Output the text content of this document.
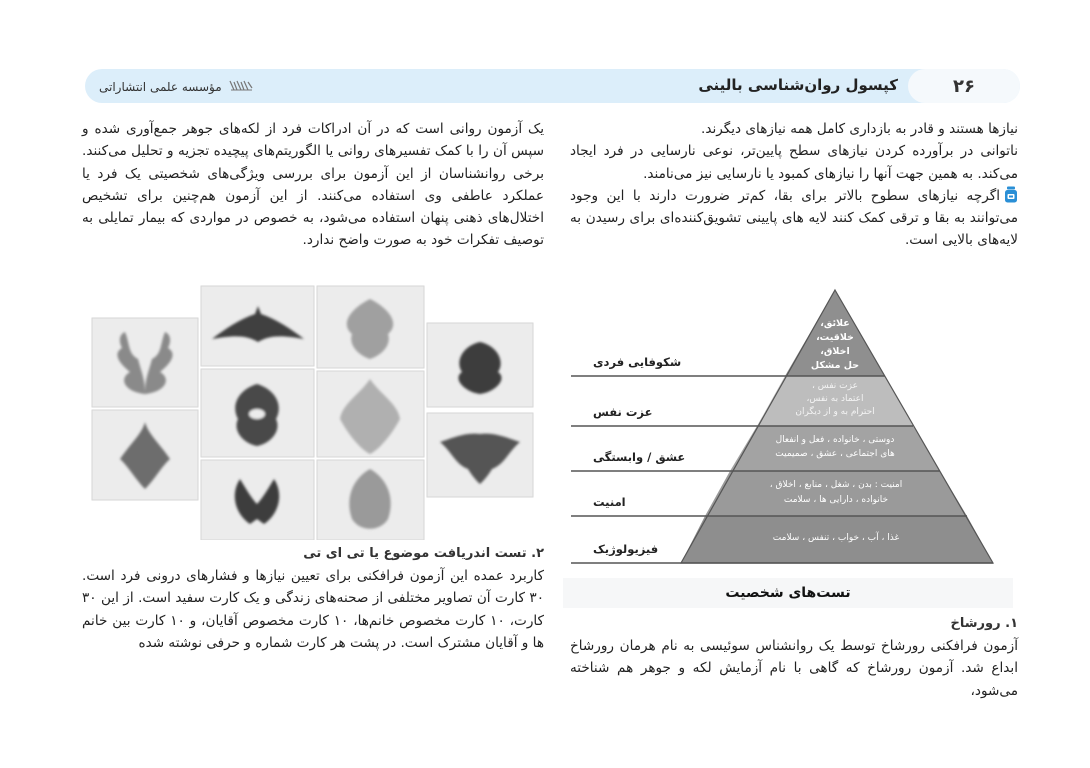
مؤسسه علمی انتشاراتی	کپسول روان‌شناسی بالینی	۲۶

نیازها هستند و قادر به بازداری کامل همه نیازهای دیگرند.

ناتوانی در برآورده کردن نیازهای سطح پایین‌تر، نوعی نارسایی در فرد ایجاد می‌کند. به همین جهت آنها را نیازهای کمبود یا نارسایی نیز می‌نامند.

اگرچه نیازهای سطوح بالاتر برای بقا، کم‌تر ضرورت دارند با این وجود می‌توانند به بقا و ترقی کمک کنند لایه های پایینی تشویق‌کننده‌ای برای رسیدن به لایه‌های بالایی است.

شکوفایی فردی
عزت نفس
عشق / وابستگی
امنیت
فیزیولوژیک
علائق،
خلاقیت،
اخلاق،
حل مشکل
عزت نفس ،
اعتماد به نفس،
احترام به و از دیگران
دوستی ، خانواده ، فعل و انفعال
های اجتماعی ، عشق ، صمیمیت
امنیت : بدن ، شغل ، منابع ، اخلاق ،
خانواده ، دارایی ها ، سلامت
غذا ، آب ، خواب ، تنفس ، سلامت
تست‌های شخصیت

۱. رورشاخ

آزمون فرافکنی رورشاخ توسط یک روانشناس سوئیسی به نام هرمان رورشاخ ابداع شد. آزمون رورشاخ که گاهی با نام آزمایش لکه و جوهر هم شناخته می‌شود،

یک آزمون روانی است که در آن ادراکات فرد از لکه‌های جوهر جمع‌آوری شده و سپس آن را با کمک تفسیرهای روانی یا الگوریتم‌های پیچیده تجزیه و تحلیل می‌کنند. برخی روانشناسان از این آزمون برای بررسی ویژگی‌های شخصیتی یک فرد یا عملکرد عاطفی وی استفاده می‌کنند. از این آزمون هم‌چنین برای تشخیص اختلال‌های ذهنی پنهان استفاده می‌شود، به خصوص در مواردی که بیمار تمایلی به توصیف تفکرات خود به صورت واضح ندارد.

۲. تست اندریافت موضوع یا تی ای تی

کاربرد عمده این آزمون فرافکنی برای تعیین نیازها و فشارهای درونی فرد است. ۳۰ کارت آن تصاویر مختلفی از صحنه‌های زندگی و یک کارت سفید است. از این ۳۰ کارت، ۱۰ کارت مخصوص خانم‌ها، ۱۰ کارت مخصوص آقایان، و ۱۰ کارت بین خانم ها و آقایان مشترک است. در پشت هر کارت شماره و حرفی نوشته شده
